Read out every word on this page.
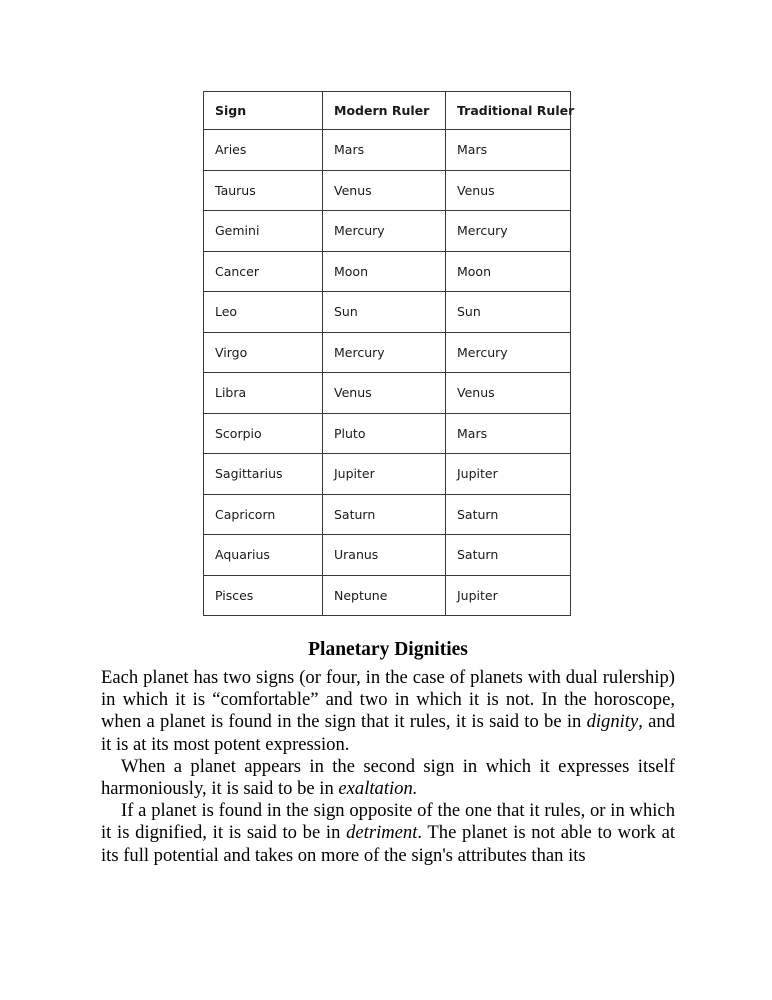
Sign	Modern Ruler	Traditional Ruler
Aries	Mars	Mars
Taurus	Venus	Venus
Gemini	Mercury	Mercury
Cancer	Moon	Moon
Leo	Sun	Sun
Virgo	Mercury	Mercury
Libra	Venus	Venus
Scorpio	Pluto	Mars
Sagittarius	Jupiter	Jupiter
Capricorn	Saturn	Saturn
Aquarius	Uranus	Saturn
Pisces	Neptune	Jupiter
Planetary Dignities

Each planet has two signs (or four, in the case of planets with dual rulership) in which it is “comfortable” and two in which it is not. In the horoscope, when a planet is found in the sign that it rules, it is said to be in dignity, and it is at its most potent expression.

When a planet appears in the second sign in which it expresses itself harmoniously, it is said to be in exaltation.

If a planet is found in the sign opposite of the one that it rules, or in which it is dignified, it is said to be in detriment. The planet is not able to work at its full potential and takes on more of the sign's attributes than its
